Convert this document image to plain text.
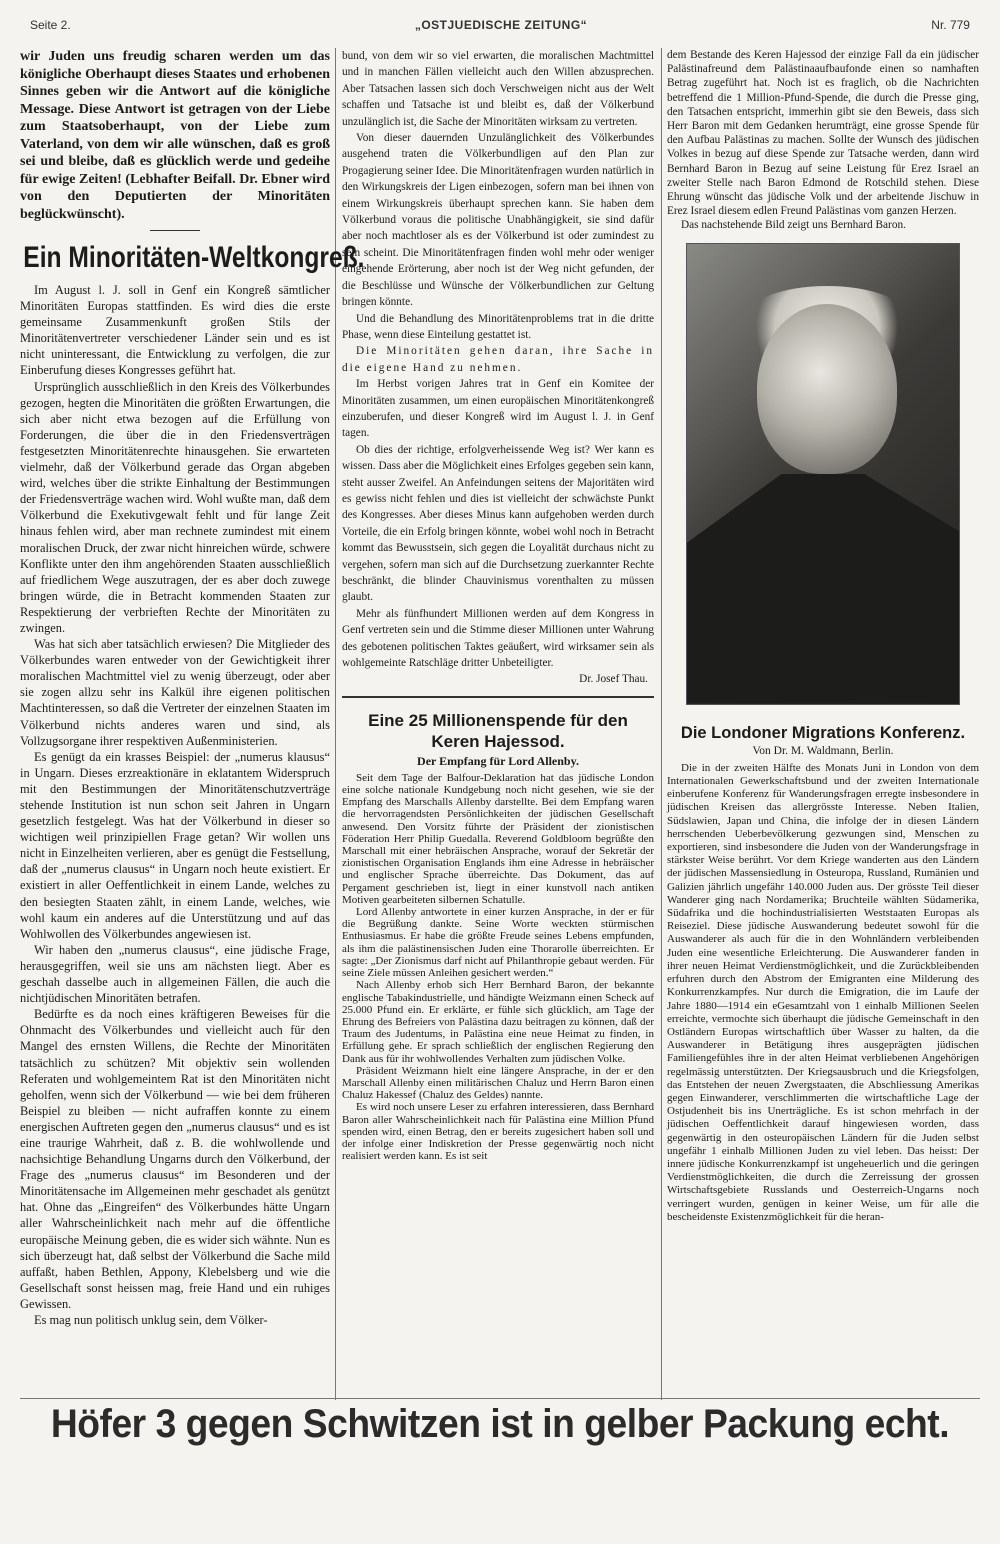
Seite 2.	„OSTJUEDISCHE ZEITUNG“	Nr. 779

wir Juden uns freudig scharen werden um das königliche Oberhaupt dieses Staates und erhobenen Sinnes geben wir die Antwort auf die königliche Message. Diese Antwort ist getragen von der Liebe zum Staatsoberhaupt, von der Liebe zum Vaterland, von dem wir alle wünschen, daß es groß sei und bleibe, daß es glücklich werde und gedeihe für ewige Zeiten! (Lebhafter Beifall. Dr. Ebner wird von den Deputierten der Minoritäten beglückwünscht).

Ein Minoritäten-Weltkongreß.

Im August l. J. soll in Genf ein Kongreß sämtlicher Minoritäten Europas stattfinden. Es wird dies die erste gemeinsame Zusammenkunft großen Stils der Minoritätenvertreter verschiedener Länder sein und es ist nicht uninteressant, die Entwicklung zu verfolgen, die zur Einberufung dieses Kongresses geführt hat.

Ursprünglich ausschließlich in den Kreis des Völkerbundes gezogen, hegten die Minoritäten die größten Erwartungen, die sich aber nicht etwa bezogen auf die Erfüllung von Forderungen, die über die in den Friedensverträgen festgesetzten Minoritätenrechte hinausgehen. Sie erwarteten vielmehr, daß der Völkerbund gerade das Organ abgeben wird, welches über die strikte Einhaltung der Bestimmungen der Friedensverträge wachen wird. Wohl wußte man, daß dem Völkerbund die Exekutivgewalt fehlt und für lange Zeit hinaus fehlen wird, aber man rechnete zumindest mit einem moralischen Druck, der zwar nicht hinreichen würde, schwere Konflikte unter den ihm angehörenden Staaten ausschließlich auf friedlichem Wege auszutragen, der es aber doch zuwege bringen würde, die in Betracht kommenden Staaten zur Respektierung der verbrieften Rechte der Minoritäten zu zwingen.

Was hat sich aber tatsächlich erwiesen? Die Mitglieder des Völkerbundes waren entweder von der Gewichtigkeit ihrer moralischen Machtmittel viel zu wenig überzeugt, oder aber sie zogen allzu sehr ins Kalkül ihre eigenen politischen Machtinteressen, so daß die Vertreter der einzelnen Staaten im Völkerbund nichts anderes waren und sind, als Vollzugsorgane ihrer respektiven Außenministerien.

Es genügt da ein krasses Beispiel: der „numerus klausus“ in Ungarn. Dieses erzreaktionäre in eklatantem Widerspruch mit den Bestimmungen der Minoritätenschutzverträge stehende Institution ist nun schon seit Jahren in Ungarn gesetzlich festgelegt. Was hat der Völkerbund in dieser so wichtigen weil prinzipiellen Frage getan? Wir wollen uns nicht in Einzelheiten verlieren, aber es genügt die Festsellung, daß der „numerus clausus“ in Ungarn noch heute existiert. Er existiert in aller Oeffentlichkeit in einem Lande, welches zu den besiegten Staaten zählt, in einem Lande, welches, wie wohl kaum ein anderes auf die Unterstützung und auf das Wohlwollen des Völkerbundes angewiesen ist.

Wir haben den „numerus clausus“, eine jüdische Frage, herausgegriffen, weil sie uns am nächsten liegt. Aber es geschah dasselbe auch in allgemeinen Fällen, die auch die nichtjüdischen Minoritäten betrafen.

Bedürfte es da noch eines kräftigeren Beweises für die Ohnmacht des Völkerbundes und vielleicht auch für den Mangel des ernsten Willens, die Rechte der Minoritäten tatsächlich zu schützen? Mit objektiv sein wollenden Referaten und wohlgemeintem Rat ist den Minoritäten nicht geholfen, wenn sich der Völkerbund — wie bei dem früheren Beispiel zu bleiben — nicht aufraffen konnte zu einem energischen Auftreten gegen den „numerus clausus“ und es ist eine traurige Wahrheit, daß z. B. die wohlwollende und nachsichtige Behandlung Ungarns durch den Völkerbund, der Frage des „numerus clausus“ im Besonderen und der Minoritätensache im Allgemeinen mehr geschadet als genützt hat. Ohne das „Eingreifen“ des Völkerbundes hätte Ungarn aller Wahrscheinlichkeit nach mehr auf die öffentliche europäische Meinung geben, die es wider sich wähnte. Nun es sich überzeugt hat, daß selbst der Völkerbund die Sache mild auffaßt, haben Bethlen, Appony, Klebelsberg und wie die Gesellschaft sonst heissen mag, freie Hand und ein ruhiges Gewissen.

Es mag nun politisch unklug sein, dem Völker-

bund, von dem wir so viel erwarten, die moralischen Machtmittel und in manchen Fällen vielleicht auch den Willen abzusprechen. Aber Tatsachen lassen sich doch Verschweigen nicht aus der Welt schaffen und Tatsache ist und bleibt es, daß der Völkerbund unzulänglich ist, die Sache der Minoritäten wirksam zu vertreten.

Von dieser dauernden Unzulänglichkeit des Völkerbundes ausgehend traten die Völkerbundligen auf den Plan zur Progagierung seiner Idee. Die Minoritätenfragen wurden natürlich in den Wirkungskreis der Ligen einbezogen, sofern man bei ihnen von einem Wirkungskreis überhaupt sprechen kann. Sie haben dem Völkerbund voraus die politische Unabhängigkeit, sie sind dafür aber noch machtloser als es der Völkerbund ist oder zumindest zu sein scheint. Die Minoritätenfragen finden wohl mehr oder weniger eingehende Erörterung, aber noch ist der Weg nicht gefunden, der die Beschlüsse und Wünsche der Völkerbundlichen zur Geltung bringen könnte.

Und die Behandlung des Minoritätenproblems trat in die dritte Phase, wenn diese Einteilung gestattet ist.

Die Minoritäten gehen daran, ihre Sache in die eigene Hand zu nehmen.

Im Herbst vorigen Jahres trat in Genf ein Komitee der Minoritäten zusammen, um einen europäischen Minoritätenkongreß einzuberufen, und dieser Kongreß wird im August l. J. in Genf tagen.

Ob dies der richtige, erfolgverheissende Weg ist? Wer kann es wissen. Dass aber die Möglichkeit eines Erfolges gegeben sein kann, steht ausser Zweifel. An Anfeindungen seitens der Majoritäten wird es gewiss nicht fehlen und dies ist vielleicht der schwächste Punkt des Kongresses. Aber dieses Minus kann aufgehoben werden durch Vorteile, die ein Erfolg bringen könnte, wobei wohl noch in Betracht kommt das Bewusstsein, sich gegen die Loyalität durchaus nicht zu vergehen, sofern man sich auf die Durchsetzung zuerkannter Rechte beschränkt, die blinder Chauvinismus vorenthalten zu müssen glaubt.

Mehr als fünfhundert Millionen werden auf dem Kongress in Genf vertreten sein und die Stimme dieser Millionen unter Wahrung des gebotenen politischen Taktes geäußert, wird wirksamer sein als wohlgemeinte Ratschläge dritter Unbeteiligter.

Dr. Josef Thau.
Eine 25 Millionenspende für den Keren Hajessod.
Der Empfang für Lord Allenby.

Seit dem Tage der Balfour-Deklaration hat das jüdische London eine solche nationale Kundgebung noch nicht gesehen, wie sie der Empfang des Marschalls Allenby darstellte. Bei dem Empfang waren die hervorragendsten Persönlichkeiten der jüdischen Gesellschaft anwesend. Den Vorsitz führte der Präsident der zionistischen Föderation Herr Philip Guedalla. Reverend Goldbloom begrüßte den Marschall mit einer hebräischen Ansprache, worauf der Sekretär der zionistischen Organisation Englands ihm eine Adresse in hebräischer und englischer Sprache überreichte. Das Dokument, das auf Pergament geschrieben ist, liegt in einer kunstvoll nach antiken Motiven gearbeiteten silbernen Schatulle.

Lord Allenby antwortete in einer kurzen Ansprache, in der er für die Begrüßung dankte. Seine Worte weckten stürmischen Enthusiasmus. Er habe die größte Freude seines Lebens empfunden, als ihm die palästinensischen Juden eine Thorarolle überreichten. Er sagte: „Der Zionismus darf nicht auf Philanthropie gebaut werden. Für seine Ziele müssen Anleihen gesichert werden.“

Nach Allenby erhob sich Herr Bernhard Baron, der bekannte englische Tabakindustrielle, und händigte Weizmann einen Scheck auf 25.000 Pfund ein. Er erklärte, er fühle sich glücklich, am Tage der Ehrung des Befreiers von Palästina dazu beitragen zu können, daß der Traum des Judentums, in Palästina eine neue Heimat zu finden, in Erfüllung gehe. Er sprach schließlich der englischen Regierung den Dank aus für ihr wohlwollendes Verhalten zum jüdischen Volke.

Präsident Weizmann hielt eine längere Ansprache, in der er den Marschall Allenby einen militärischen Chaluz und Herrn Baron einen Chaluz Hakessef (Chaluz des Geldes) nannte.

Es wird noch unsere Leser zu erfahren interessieren, dass Bernhard Baron aller Wahrscheinlichkeit nach für Palästina eine Million Pfund spenden wird, einen Betrag, den er bereits zugesichert haben soll und der infolge einer Indiskretion der Presse gegenwärtig noch nicht realisiert werden kann. Es ist seit

dem Bestande des Keren Hajessod der einzige Fall da ein jüdischer Palästinafreund dem Palästinaaufbaufonde einen so namhaften Betrag zugeführt hat. Noch ist es fraglich, ob die Nachrichten betreffend die 1 Million-Pfund-Spende, die durch die Presse ging, den Tatsachen entspricht, immerhin gibt sie den Beweis, dass sich Herr Baron mit dem Gedanken herumträgt, eine grosse Spende für den Aufbau Palästinas zu machen. Sollte der Wunsch des jüdischen Volkes in bezug auf diese Spende zur Tatsache werden, dann wird Bernhard Baron in Bezug auf seine Leistung für Erez Israel an zweiter Stelle nach Baron Edmond de Rotschild stehen. Diese Ehrung wünscht das jüdische Volk und der arbeitende Jischuw in Erez Israel diesem edlen Freund Palästinas vom ganzen Herzen.

Das nachstehende Bild zeigt uns Bernhard Baron.

Die Londoner Migrations Konferenz.
Von Dr. M. Waldmann, Berlin.

Die in der zweiten Hälfte des Monats Juni in London von dem Internationalen Gewerkschaftsbund und der zweiten Internationale einberufene Konferenz für Wanderungsfragen erregte insbesondere in jüdischen Kreisen das allergrösste Interesse. Neben Italien, Südslawien, Japan und China, die infolge der in diesen Ländern herrschenden Ueberbevölkerung gezwungen sind, Menschen zu exportieren, sind insbesondere die Juden von der Wanderungsfrage in stärkster Weise berührt. Vor dem Kriege wanderten aus den Ländern der jüdischen Massensiedlung in Osteuropa, Russland, Rumänien und Galizien jährlich ungefähr 140.000 Juden aus. Der grösste Teil dieser Wanderer ging nach Nordamerika; Bruchteile wählten Südamerika, Südafrika und die hochindustrialisierten Weststaaten Europas als Reiseziel. Diese jüdische Auswanderung bedeutet sowohl für die Auswanderer als auch für die in den Wohnländern verbleibenden Juden eine wesentliche Erleichterung. Die Auswanderer fanden in ihrer neuen Heimat Verdienstmöglichkeit, und die Zurückbleibenden erfuhren durch den Abstrom der Emigranten eine Milderung des Konkurrenzkampfes. Nur durch die Emigration, die im Laufe der Jahre 1880—1914 ein eGesamtzahl von 1 einhalb Millionen Seelen erreichte, vermochte sich überhaupt die jüdische Gemeinschaft in den Ostländern Europas wirtschaftlich über Wasser zu halten, da die Auswanderer in Betätigung ihres ausgeprägten jüdischen Familiengefühles ihre in der alten Heimat verbliebenen Angehörigen regelmässig unterstützten. Der Kriegsausbruch und die Kriegsfolgen, das Entstehen der neuen Zwergstaaten, die Abschliessung Amerikas gegen Einwanderer, verschlimmerten die wirtschaftliche Lage der Ostjudenheit bis ins Unerträgliche. Es ist schon mehrfach in der jüdischen Oeffentlichkeit darauf hingewiesen worden, dass gegenwärtig in den osteuropäischen Ländern für die Juden selbst ungefähr 1 einhalb Millionen Juden zu viel leben. Das heisst: Der innere jüdische Konkurrenzkampf ist ungeheuerlich und die geringen Verdienstmöglichkeiten, die durch die Zerreissung der grossen Wirtschaftsgebiete Russlands und Oesterreich-Ungarns noch verringert wurden, genügen in keiner Weise, um für alle die bescheidenste Existenzmöglichkeit für die heran-

Höfer 3 gegen Schwitzen ist in gelber Packung echt.
